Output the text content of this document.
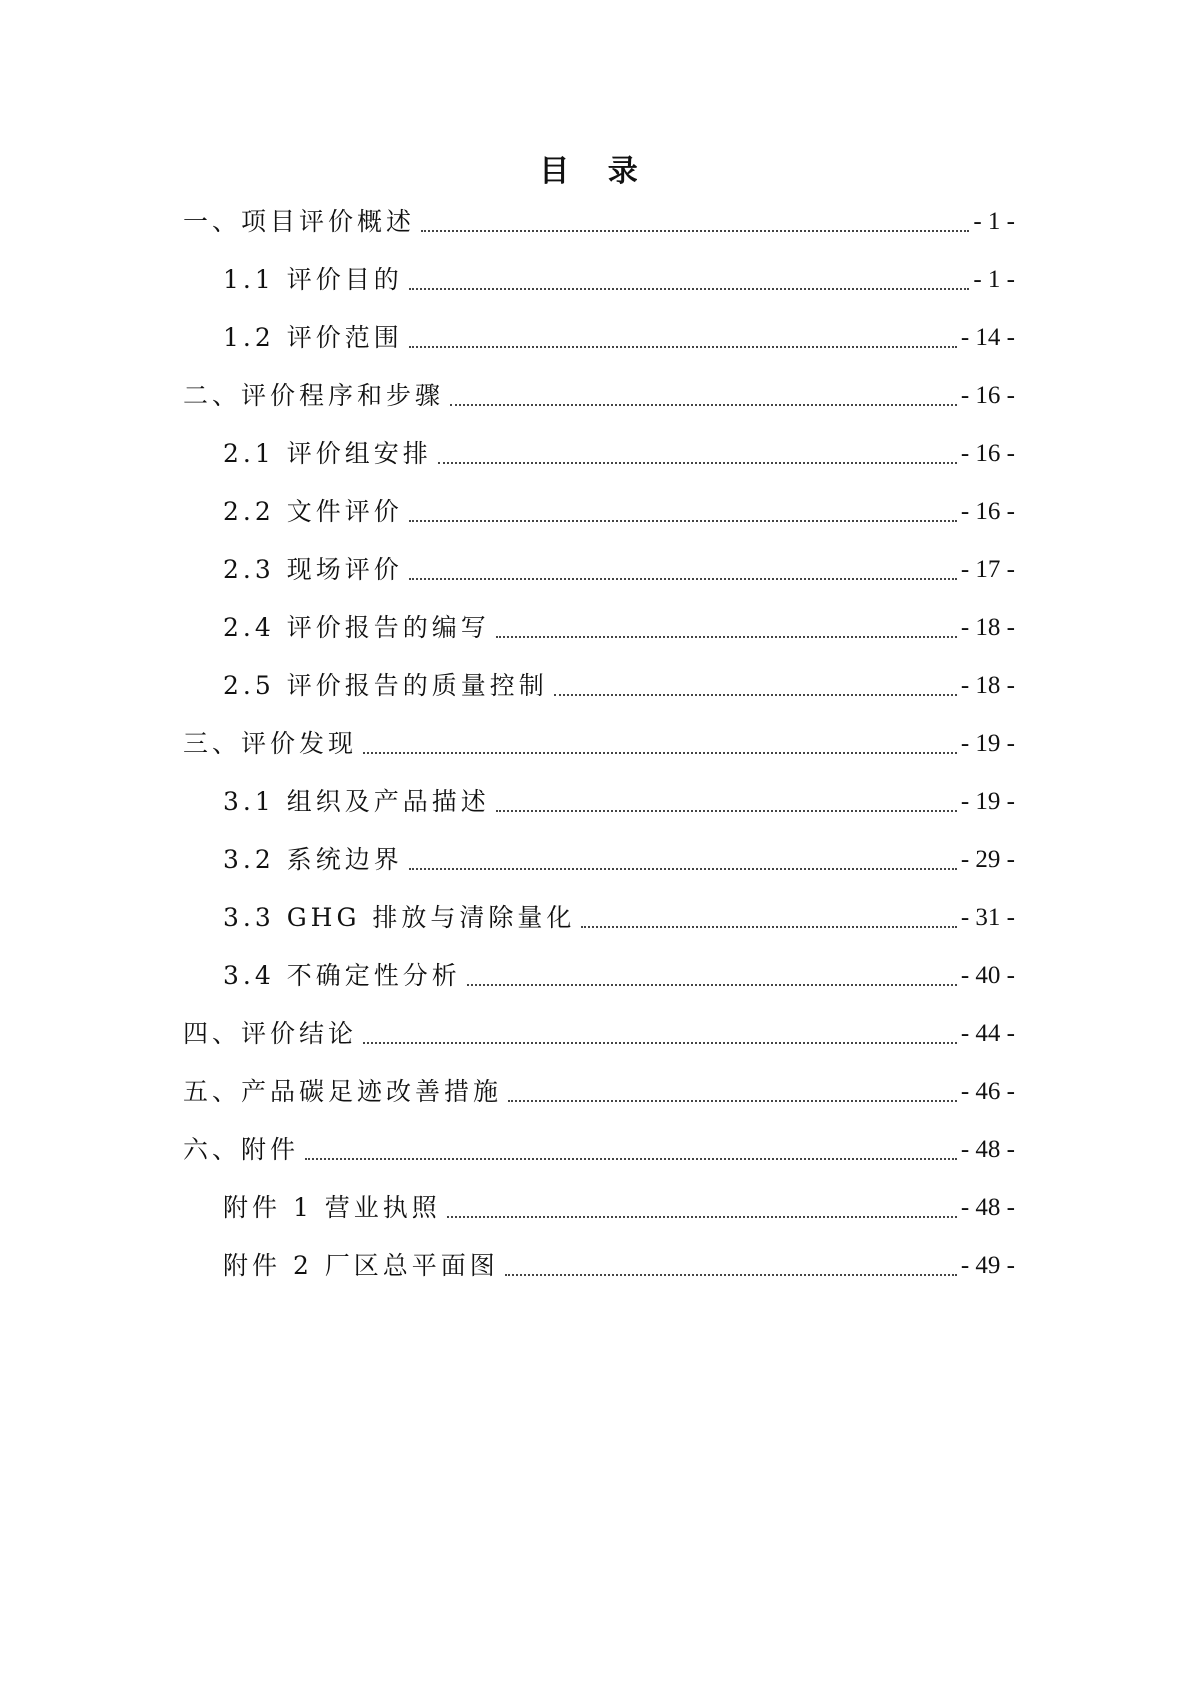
目 录
一、项目评价概述	- 1 -
1.1 评价目的	- 1 -
1.2 评价范围	- 14 -
二、评价程序和步骤	- 16 -
2.1 评价组安排	- 16 -
2.2 文件评价	- 16 -
2.3 现场评价	- 17 -
2.4 评价报告的编写	- 18 -
2.5 评价报告的质量控制	- 18 -
三、评价发现	- 19 -
3.1 组织及产品描述	- 19 -
3.2 系统边界	- 29 -
3.3 GHG 排放与清除量化	- 31 -
3.4 不确定性分析	- 40 -
四、评价结论	- 44 -
五、产品碳足迹改善措施	- 46 -
六、附件	- 48 -
附件 1 营业执照	- 48 -
附件 2 厂区总平面图	- 49 -
